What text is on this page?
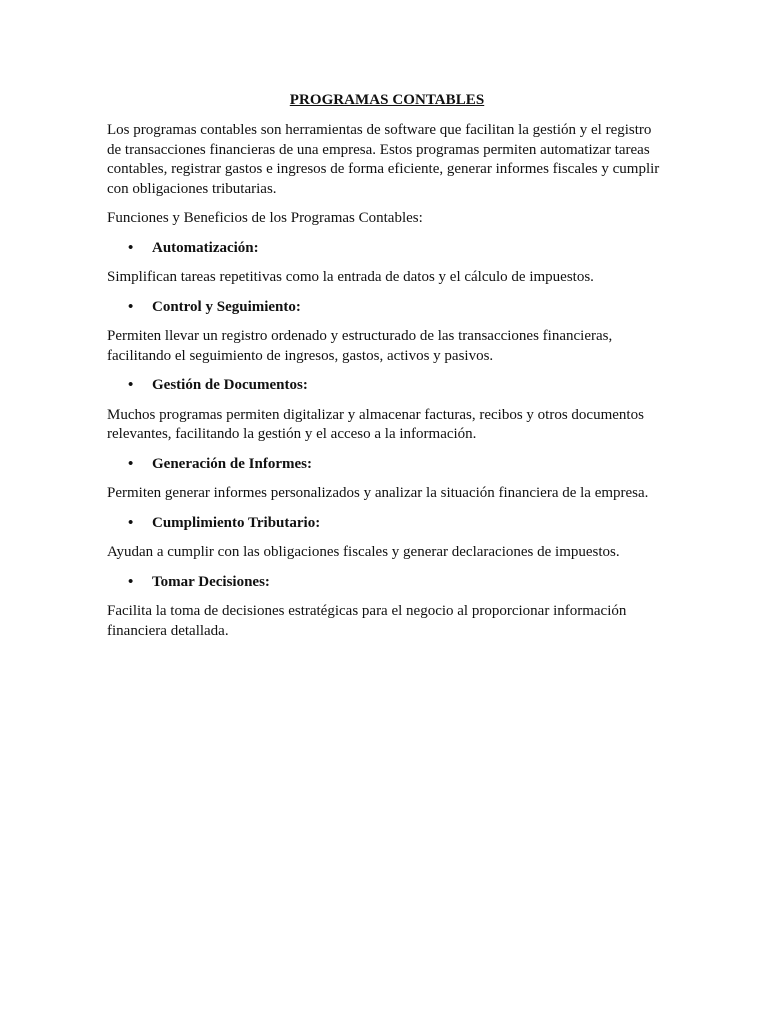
PROGRAMAS CONTABLES

Los programas contables son herramientas de software que facilitan la gestión y el registro de transacciones financieras de una empresa. Estos programas permiten automatizar tareas contables, registrar gastos e ingresos de forma eficiente, generar informes fiscales y cumplir con obligaciones tributarias.

Funciones y Beneficios de los Programas Contables:

• Automatización:

Simplifican tareas repetitivas como la entrada de datos y el cálculo de impuestos.

• Control y Seguimiento:

Permiten llevar un registro ordenado y estructurado de las transacciones financieras, facilitando el seguimiento de ingresos, gastos, activos y pasivos.

• Gestión de Documentos:

Muchos programas permiten digitalizar y almacenar facturas, recibos y otros documentos relevantes, facilitando la gestión y el acceso a la información.

• Generación de Informes:

Permiten generar informes personalizados y analizar la situación financiera de la empresa.

• Cumplimiento Tributario:

Ayudan a cumplir con las obligaciones fiscales y generar declaraciones de impuestos.

• Tomar Decisiones:

Facilita la toma de decisiones estratégicas para el negocio al proporcionar información financiera detallada.
